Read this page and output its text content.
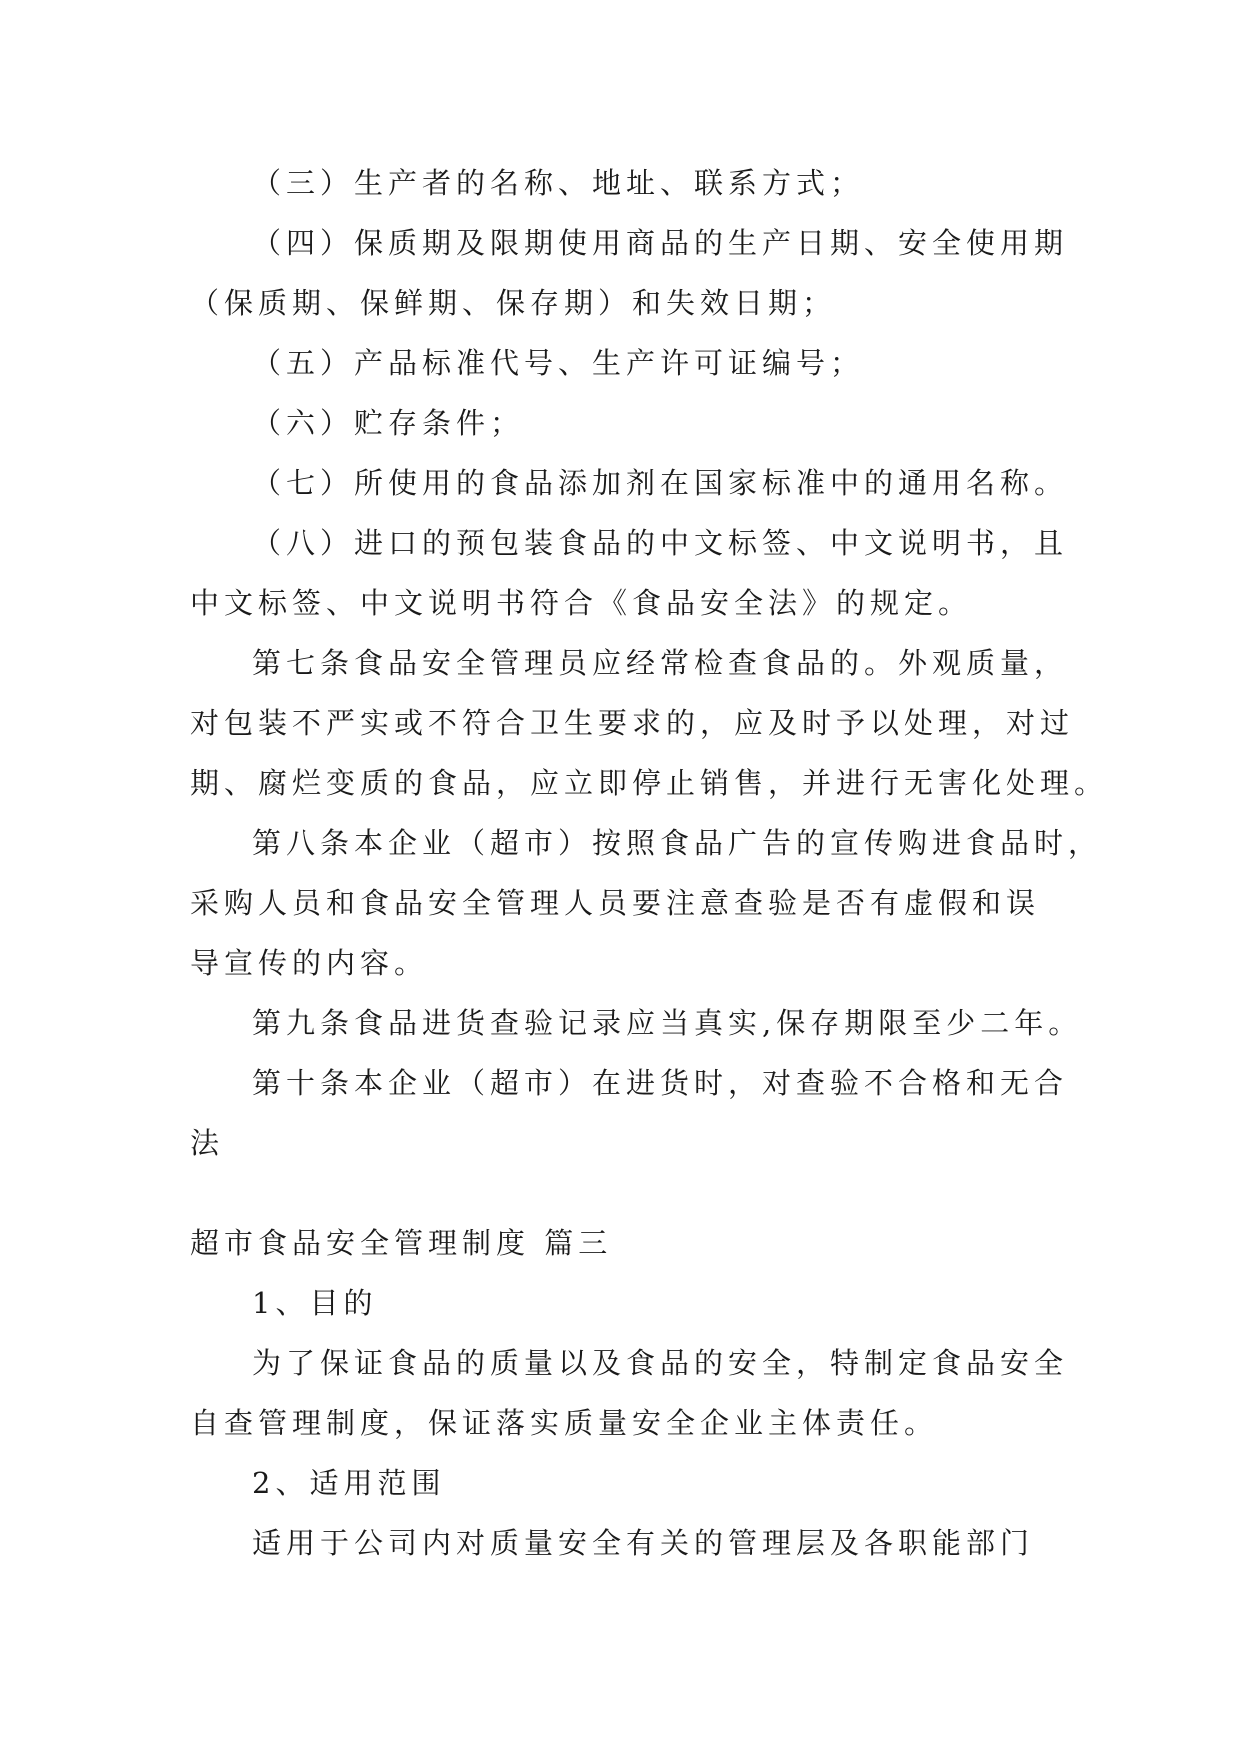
（三）生产者的名称、地址、联系方式；
（四）保质期及限期使用商品的生产日期、安全使用期
（保质期、保鲜期、保存期）和失效日期；
（五）产品标准代号、生产许可证编号；
（六）贮存条件；
（七）所使用的食品添加剂在国家标准中的通用名称。
（八）进口的预包装食品的中文标签、中文说明书，且
中文标签、中文说明书符合《食品安全法》的规定。
第七条食品安全管理员应经常检查食品的。外观质量，
对包装不严实或不符合卫生要求的，应及时予以处理，对过
期、腐烂变质的食品，应立即停止销售，并进行无害化处理。
第八条本企业（超市）按照食品广告的宣传购进食品时，
采购人员和食品安全管理人员要注意查验是否有虚假和误
导宣传的内容。
第九条食品进货查验记录应当真实,保存期限至少二年。
第十条本企业（超市）在进货时，对查验不合格和无合
法
超市食品安全管理制度 篇三
1、目的
为了保证食品的质量以及食品的安全，特制定食品安全
自查管理制度，保证落实质量安全企业主体责任。
2、适用范围
适用于公司内对质量安全有关的管理层及各职能部门
